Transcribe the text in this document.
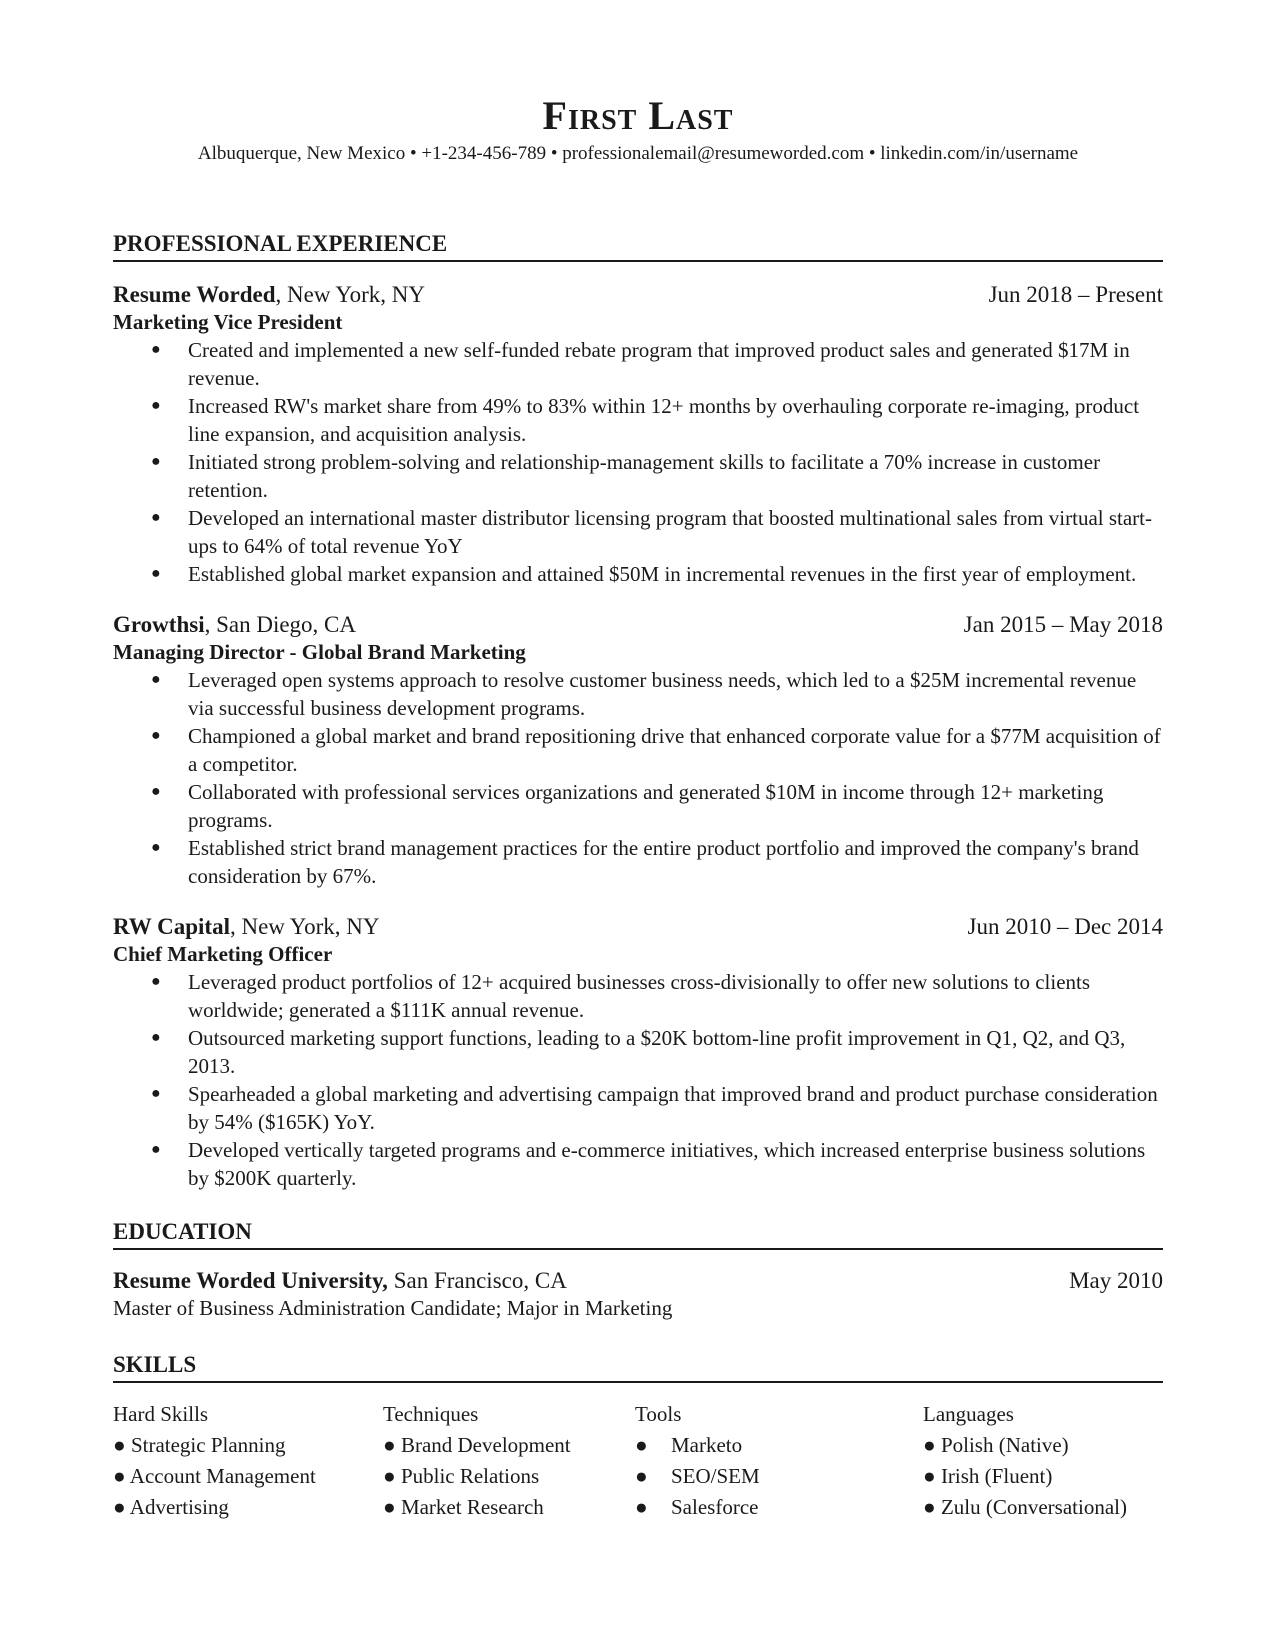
First Last
Albuquerque, New Mexico • +1-234-456-789 • professionalemail@resumeworded.com • linkedin.com/in/username
PROFESSIONAL EXPERIENCE
Resume Worded, New York, NY	Jun 2018 – Present
Marketing Vice President
● Created and implemented a new self-funded rebate program that improved product sales and generated $17M in revenue.
● Increased RW's market share from 49% to 83% within 12+ months by overhauling corporate re-imaging, product line expansion, and acquisition analysis.
● Initiated strong problem-solving and relationship-management skills to facilitate a 70% increase in customer retention.
● Developed an international master distributor licensing program that boosted multinational sales from virtual start-ups to 64% of total revenue YoY
● Established global market expansion and attained $50M in incremental revenues in the first year of employment.
Growthsi, San Diego, CA	Jan 2015 – May 2018
Managing Director - Global Brand Marketing
● Leveraged open systems approach to resolve customer business needs, which led to a $25M incremental revenue via successful business development programs.
● Championed a global market and brand repositioning drive that enhanced corporate value for a $77M acquisition of a competitor.
● Collaborated with professional services organizations and generated $10M in income through 12+ marketing programs.
● Established strict brand management practices for the entire product portfolio and improved the company's brand consideration by 67%.
RW Capital, New York, NY	Jun 2010 – Dec 2014
Chief Marketing Officer
● Leveraged product portfolios of 12+ acquired businesses cross-divisionally to offer new solutions to clients worldwide; generated a $111K annual revenue.
● Outsourced marketing support functions, leading to a $20K bottom-line profit improvement in Q1, Q2, and Q3, 2013.
● Spearheaded a global marketing and advertising campaign that improved brand and product purchase consideration by 54% ($165K) YoY.
● Developed vertically targeted programs and e-commerce initiatives, which increased enterprise business solutions by $200K quarterly.
EDUCATION
Resume Worded University, San Francisco, CA	May 2010
Master of Business Administration Candidate; Major in Marketing
SKILLS
Hard Skills
● Strategic Planning
● Account Management
● Advertising
Techniques
● Brand Development
● Public Relations
● Market Research
Tools
● Marketo
● SEO/SEM
● Salesforce
Languages
● Polish (Native)
● Irish (Fluent)
● Zulu (Conversational)
